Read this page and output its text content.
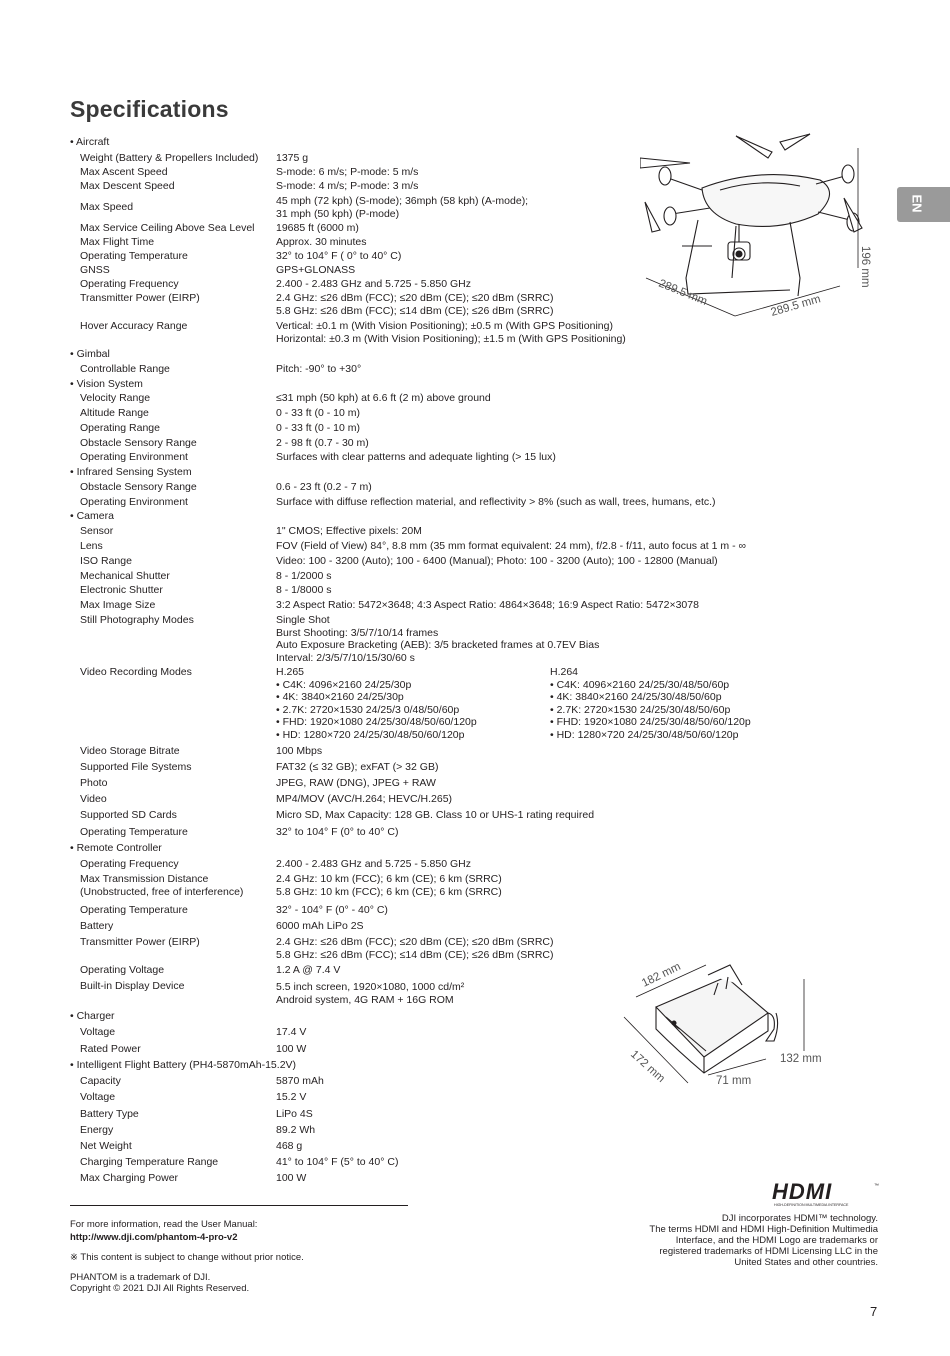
Specifications
EN
196 mm
289.5 mm	289.5 mm
• Aircraft
Weight (Battery & Propellers Included)	1375 g
Max Ascent Speed	S-mode: 6 m/s; P-mode: 5 m/s
Max Descent Speed	S-mode: 4 m/s; P-mode: 3 m/s
Max Speed	45 mph (72 kph) (S-mode); 36mph (58 kph) (A-mode);
31 mph (50 kph) (P-mode)
Max Service Ceiling Above Sea Level	19685 ft (6000 m)
Max Flight Time	Approx. 30 minutes
Operating Temperature	32° to 104° F ( 0° to 40° C)
GNSS	GPS+GLONASS
Operating Frequency	2.400 - 2.483 GHz and 5.725 - 5.850 GHz
Transmitter Power (EIRP)	2.4 GHz: ≤26 dBm (FCC); ≤20 dBm (CE); ≤20 dBm (SRRC)
5.8 GHz: ≤26 dBm (FCC); ≤14 dBm (CE); ≤26 dBm (SRRC)
Hover Accuracy Range	Vertical: ±0.1 m (With Vision Positioning); ±0.5 m (With GPS Positioning)
Horizontal: ±0.3 m (With Vision Positioning); ±1.5 m (With GPS Positioning)
• Gimbal
Controllable Range	Pitch: -90° to +30°
• Vision System
Velocity Range	≤31 mph (50 kph) at 6.6 ft (2 m) above ground
Altitude Range	0 - 33 ft (0 - 10 m)
Operating Range	0 - 33 ft (0 - 10 m)
Obstacle Sensory Range	2 - 98 ft (0.7 - 30 m)
Operating Environment	Surfaces with clear patterns and adequate lighting (> 15 lux)
• Infrared Sensing System
Obstacle Sensory Range	0.6 - 23 ft (0.2 - 7 m)
Operating Environment	Surface with diffuse reflection material, and reflectivity > 8% (such as wall, trees, humans, etc.)
• Camera
Sensor	1" CMOS; Effective pixels: 20M
Lens	FOV (Field of View) 84°, 8.8 mm (35 mm format equivalent: 24 mm), f/2.8 - f/11, auto focus at 1 m - ∞
ISO Range	Video: 100 - 3200 (Auto); 100 - 6400 (Manual); Photo: 100 - 3200 (Auto); 100 - 12800 (Manual)
Mechanical Shutter	8 - 1/2000 s
Electronic Shutter	8 - 1/8000 s
Max Image Size	3:2 Aspect Ratio: 5472×3648; 4:3 Aspect Ratio: 4864×3648; 16:9 Aspect Ratio: 5472×3078
Still Photography Modes	Single Shot
Burst Shooting: 3/5/7/10/14 frames
Auto Exposure Bracketing (AEB): 3/5 bracketed frames at 0.7EV Bias
Interval: 2/3/5/7/10/15/30/60 s
Video Recording Modes	H.265
• C4K: 4096×2160 24/25/30p
• 4K: 3840×2160 24/25/30p
• 2.7K: 2720×1530 24/25/3 0/48/50/60p
• FHD: 1920×1080 24/25/30/48/50/60/120p
• HD: 1280×720 24/25/30/48/50/60/120p
H.264
• C4K: 4096×2160 24/25/30/48/50/60p
• 4K: 3840×2160 24/25/30/48/50/60p
• 2.7K: 2720×1530 24/25/30/48/50/60p
• FHD: 1920×1080 24/25/30/48/50/60/120p
• HD: 1280×720 24/25/30/48/50/60/120p
Video Storage Bitrate	100 Mbps
Supported File Systems	FAT32 (≤ 32 GB); exFAT (> 32 GB)
Photo	JPEG, RAW (DNG), JPEG + RAW
Video	MP4/MOV (AVC/H.264; HEVC/H.265)
Supported SD Cards	Micro SD, Max Capacity: 128 GB. Class 10 or UHS-1 rating required
Operating Temperature	32° to 104° F (0° to 40° C)
• Remote Controller
Operating Frequency	2.400 - 2.483 GHz and 5.725 - 5.850 GHz
Max Transmission Distance
(Unobstructed, free of interference)
2.4 GHz: 10 km (FCC); 6 km (CE); 6 km (SRRC)
5.8 GHz: 10 km (FCC); 6 km (CE); 6 km (SRRC)
Operating Temperature	32° - 104° F (0° - 40° C)
Battery	6000 mAh LiPo 2S
Transmitter Power (EIRP)	2.4 GHz: ≤26 dBm (FCC); ≤20 dBm (CE); ≤20 dBm (SRRC)
5.8 GHz: ≤26 dBm (FCC); ≤14 dBm (CE); ≤26 dBm (SRRC)
Operating Voltage	1.2 A @ 7.4 V
Built-in Display Device	5.5 inch screen, 1920×1080, 1000 cd/m²
Android system, 4G RAM + 16G ROM
• Charger
Voltage	17.4 V
Rated Power	100 W
• Intelligent Flight Battery (PH4-5870mAh-15.2V)
Capacity	5870 mAh
Voltage	15.2 V
Battery Type	LiPo 4S
Energy	89.2 Wh
Net Weight	468 g
Charging Temperature Range	41° to 104° F (5° to 40° C)
Max Charging Power	100 W
182 mm
172 mm	71 mm
132 mm
For more information, read the User Manual:
http://www.dji.com/phantom-4-pro-v2
※ This content is subject to change without prior notice.
PHANTOM is a trademark of DJI.
Copyright © 2021 DJI All Rights Reserved.
HDMI	™
HIGH-DEFINITION MULTIMEDIA INTERFACE
DJI incorporates HDMI™ technology.
The terms HDMI and HDMI High-Definition Multimedia
Interface, and the HDMI Logo are trademarks or
registered trademarks of HDMI Licensing LLC in the
United States and other countries.
7
